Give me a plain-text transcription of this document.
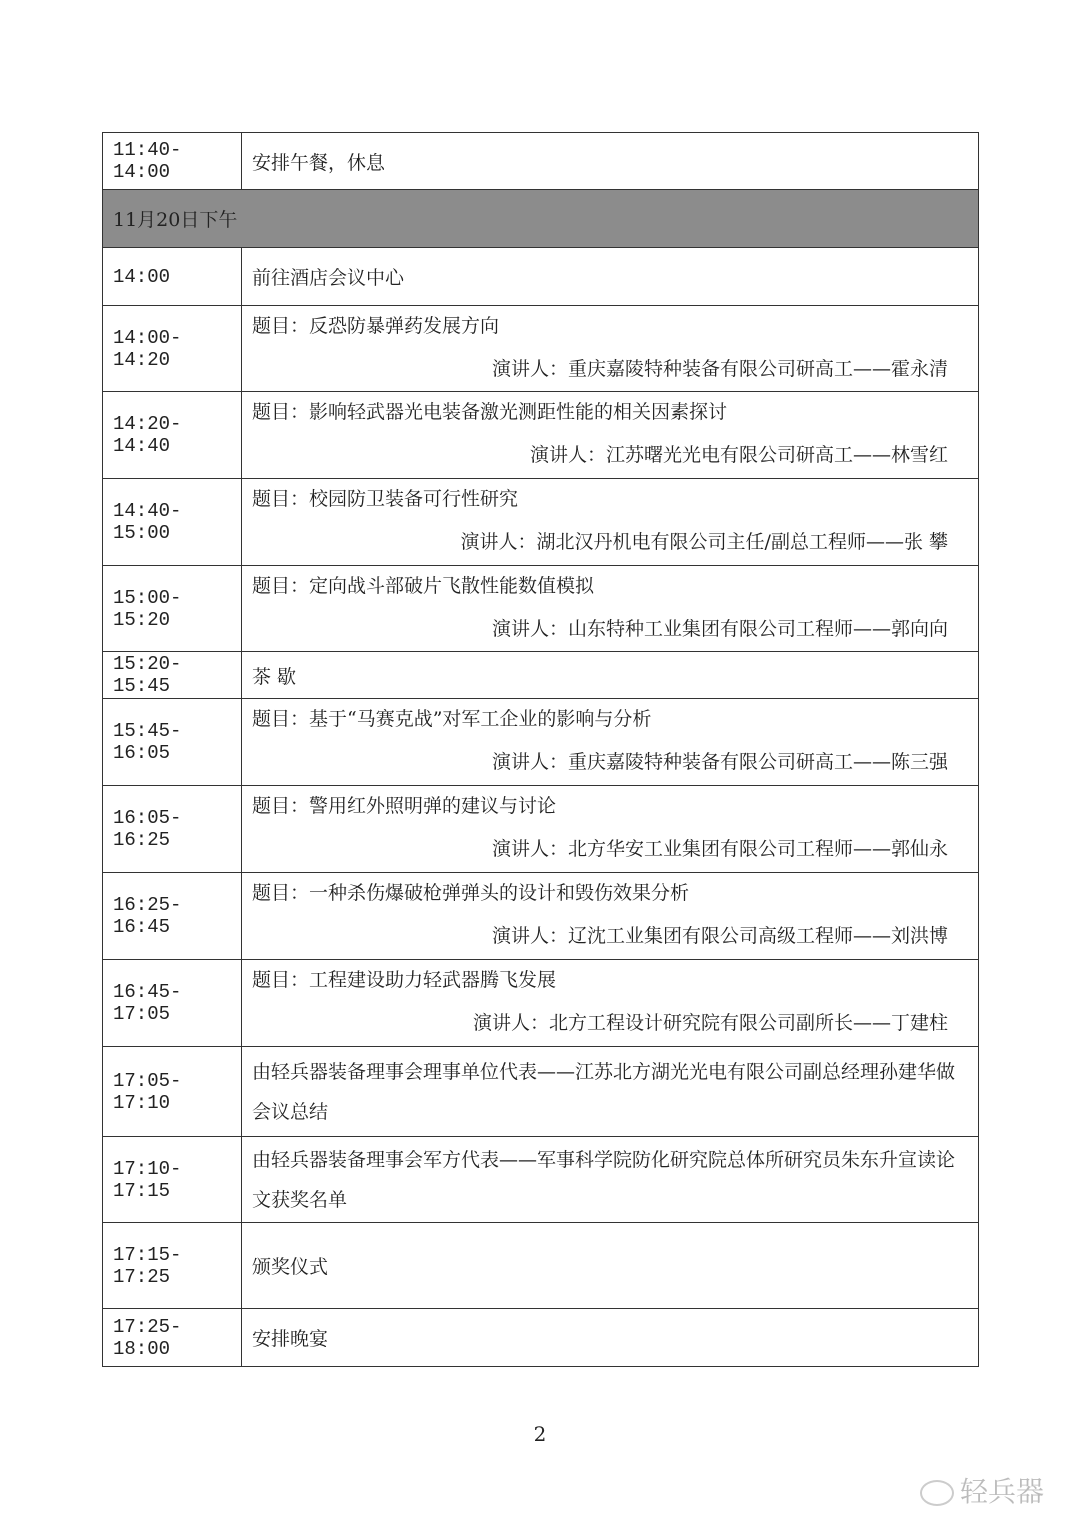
11:40-14:00	安排午餐，休息
11月20日下午	
14:00	前往酒店会议中心
14:00-14:20	题目：反恐防暴弹药发展方向
演讲人：重庆嘉陵特种装备有限公司研高工——霍永清

14:20-14:40	题目：影响轻武器光电装备激光测距性能的相关因素探讨
演讲人：江苏曙光光电有限公司研高工——林雪红

14:40-15:00	题目：校园防卫装备可行性研究
演讲人：湖北汉丹机电有限公司主任/副总工程师——张 攀

15:00-15:20	题目：定向战斗部破片飞散性能数值模拟
演讲人：山东特种工业集团有限公司工程师——郭向向

15:20-15:45	茶 歇
15:45-16:05	题目：基于“马赛克战”对军工企业的影响与分析
演讲人：重庆嘉陵特种装备有限公司研高工——陈三强

16:05-16:25	题目：警用红外照明弹的建议与讨论
演讲人：北方华安工业集团有限公司工程师——郭仙永

16:25-16:45	题目：一种杀伤爆破枪弹弹头的设计和毁伤效果分析
演讲人：辽沈工业集团有限公司高级工程师——刘洪博

16:45-17:05	题目：工程建设助力轻武器腾飞发展
演讲人：北方工程设计研究院有限公司副所长——丁建柱

17:05-17:10	由轻兵器装备理事会理事单位代表——江苏北方湖光光电有限公司副总经理孙建华做会议总结
17:10-17:15	由轻兵器装备理事会军方代表——军事科学院防化研究院总体所研究员朱东升宣读论文获奖名单
17:15-17:25	颁奖仪式
17:25-18:00	安排晚宴
2
轻兵器
